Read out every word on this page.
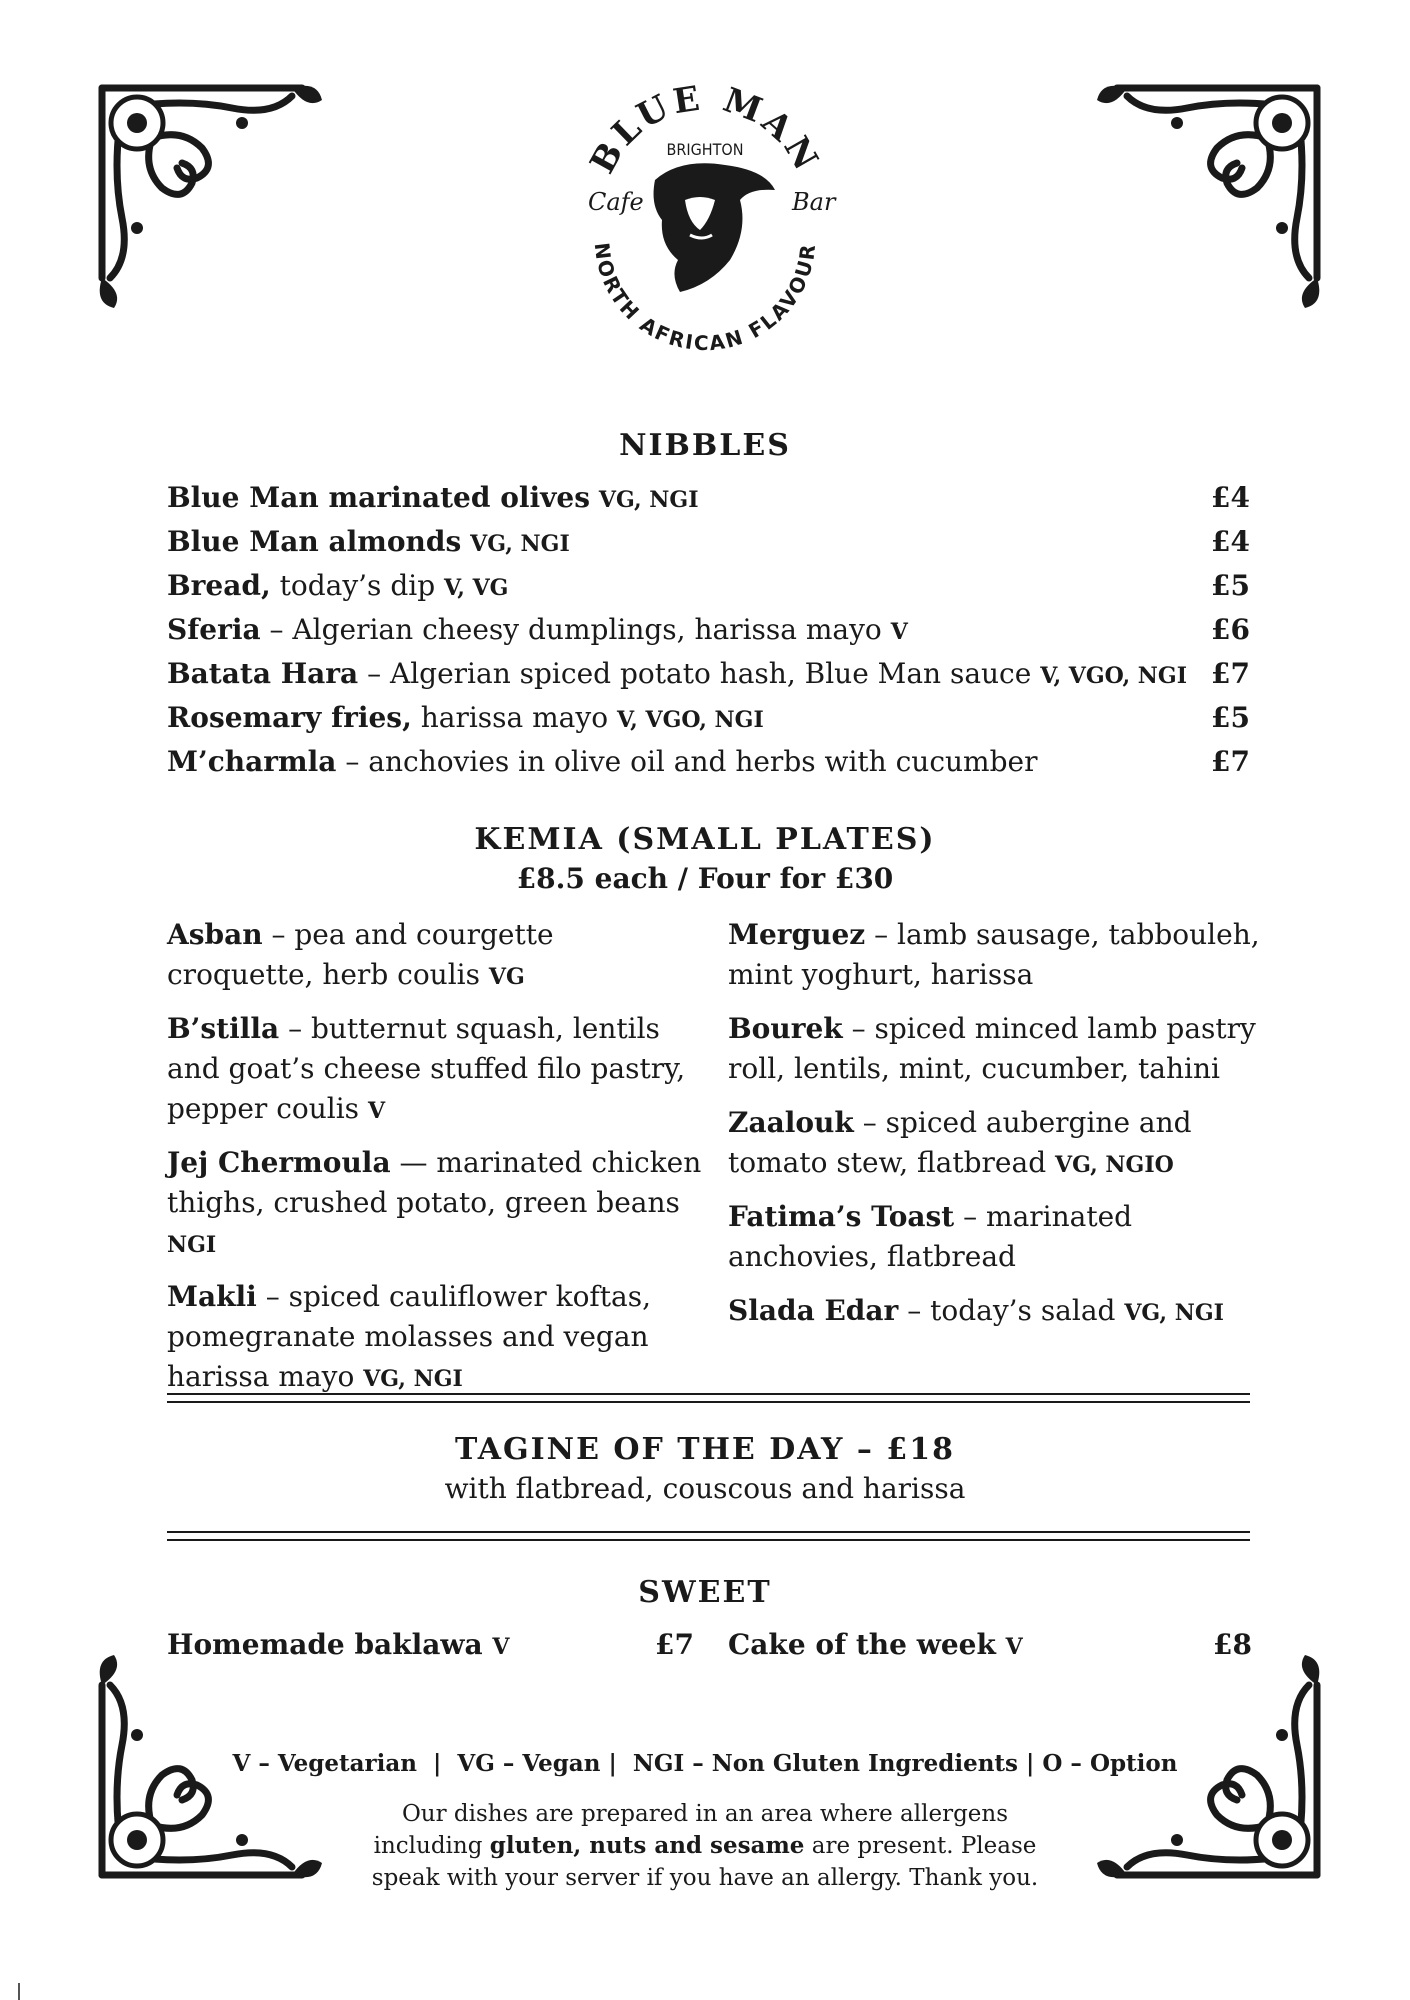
BLUE MAN
NORTH AFRICAN FLAVOUR
BRIGHTON
Cafe	Bar
NIBBLES
Blue Man marinated olives VG, NGI	£4
Blue Man almonds VG, NGI	£4
Bread, today’s dip V, VG	£5
Sferia – Algerian cheesy dumplings, harissa mayo V	£6
Batata Hara – Algerian spiced potato hash, Blue Man sauce V, VGO, NGI £7
Rosemary fries, harissa mayo V, VGO, NGI	£5
M’charmla – anchovies in olive oil and herbs with cucumber	£7
KEMIA (SMALL PLATES)
£8.5 each / Four for £30
Asban – pea and courgette croquette, herb coulis VG
B’stilla – butternut squash, lentils and goat’s cheese stuffed filo pastry, pepper coulis V
Jej Chermoula — marinated chicken thighs, crushed potato, green beans NGI
Makli – spiced cauliflower koftas, pomegranate molasses and vegan harissa mayo VG, NGI
Merguez – lamb sausage, tabbouleh, mint yoghurt, harissa
Bourek – spiced minced lamb pastry roll, lentils, mint, cucumber, tahini
Zaalouk – spiced aubergine and tomato stew, flatbread VG, NGIO
Fatima’s Toast – marinated anchovies, flatbread
Slada Edar – today’s salad VG, NGI
TAGINE OF THE DAY – £18
with flatbread, couscous and harissa
SWEET
Homemade baklawa V	£7 Cake of the week V	£8
V – Vegetarian  |  VG – Vegan |  NGI – Non Gluten Ingredients | O – Option
Our dishes are prepared in an area where allergens including gluten, nuts and sesame are present. Please speak with your server if you have an allergy. Thank you.
